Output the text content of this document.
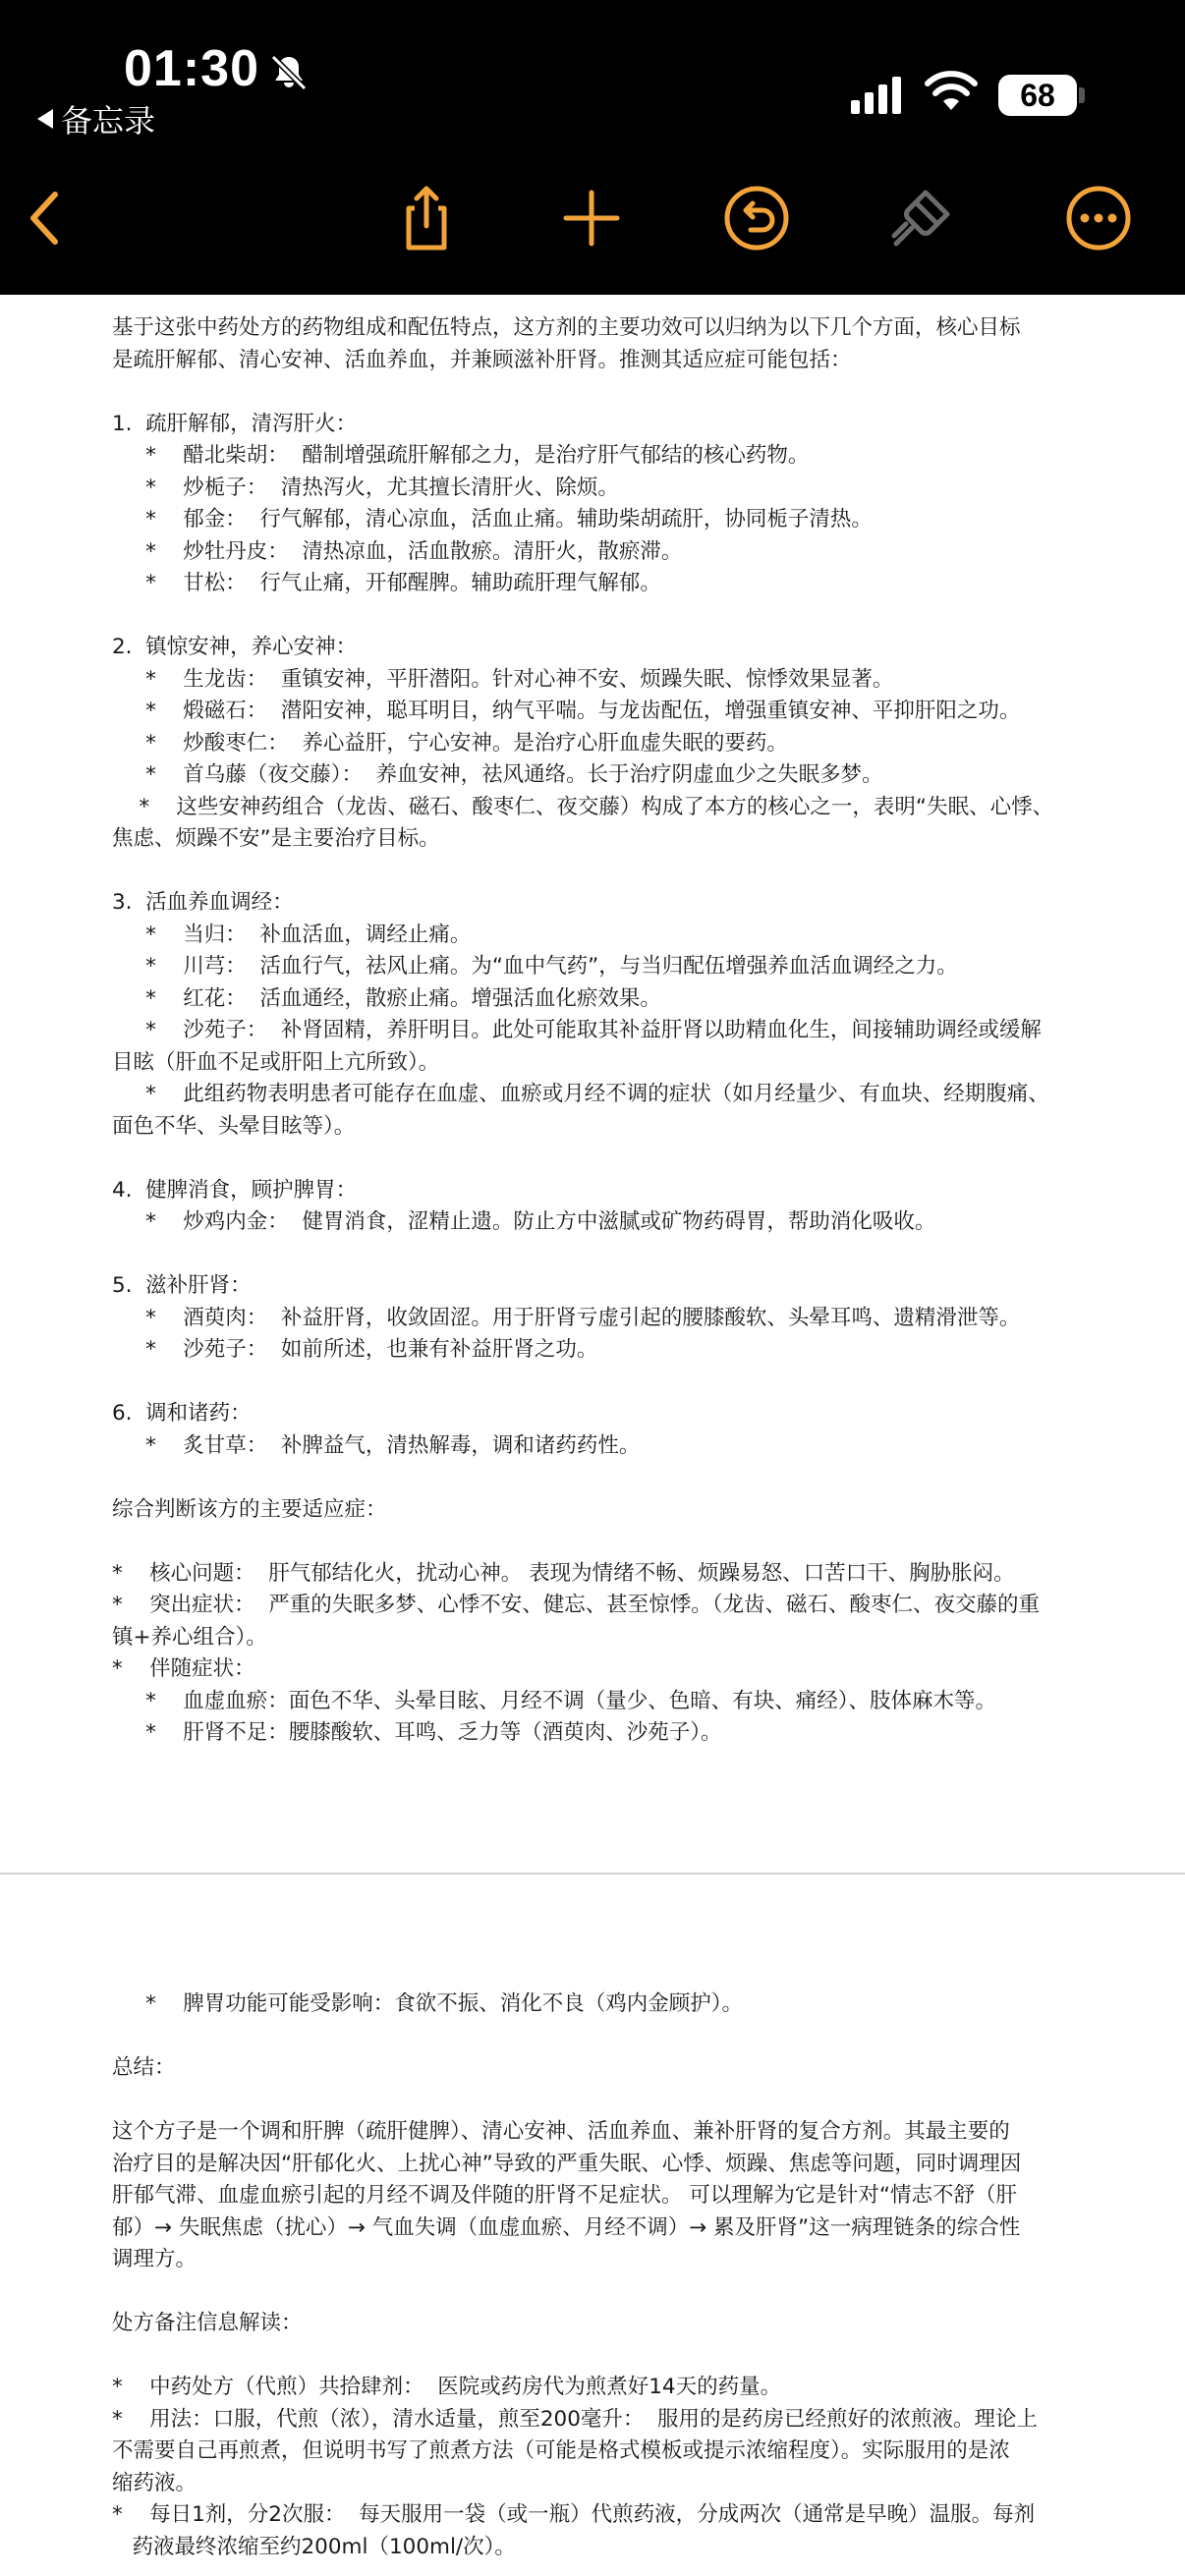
01:30
备忘录
68
基于这张中药处方的药物组成和配伍特点，这方剂的主要功效可以归纳为以下几个方面，核心目标
是疏肝解郁、清心安神、活血养血，并兼顾滋补肝肾。推测其适应症可能包括：
1.  疏肝解郁，清泻肝火：
*    醋北柴胡：  醋制增强疏肝解郁之力，是治疗肝气郁结的核心药物。
*    炒栀子：  清热泻火，尤其擅长清肝火、除烦。
*    郁金：  行气解郁，清心凉血，活血止痛。辅助柴胡疏肝，协同栀子清热。
*    炒牡丹皮：  清热凉血，活血散瘀。清肝火，散瘀滞。
*    甘松：  行气止痛，开郁醒脾。辅助疏肝理气解郁。
2.  镇惊安神，养心安神：
*    生龙齿：  重镇安神，平肝潜阳。针对心神不安、烦躁失眠、惊悸效果显著。
*    煅磁石：  潜阳安神，聪耳明目，纳气平喘。与龙齿配伍，增强重镇安神、平抑肝阳之功。
*    炒酸枣仁：  养心益肝，宁心安神。是治疗心肝血虚失眠的要药。
*    首乌藤（夜交藤）：  养血安神，祛风通络。长于治疗阴虚血少之失眠多梦。
*    这些安神药组合（龙齿、磁石、酸枣仁、夜交藤）构成了本方的核心之一，表明“失眠、心悸、
焦虑、烦躁不安”是主要治疗目标。
3.  活血养血调经：
*    当归：  补血活血，调经止痛。
*    川芎：  活血行气，祛风止痛。为“血中气药”，与当归配伍增强养血活血调经之力。
*    红花：  活血通经，散瘀止痛。增强活血化瘀效果。
*    沙苑子：  补肾固精，养肝明目。此处可能取其补益肝肾以助精血化生，间接辅助调经或缓解
目眩（肝血不足或肝阳上亢所致）。
*    此组药物表明患者可能存在血虚、血瘀或月经不调的症状（如月经量少、有血块、经期腹痛、
面色不华、头晕目眩等）。
4.  健脾消食，顾护脾胃：
*    炒鸡内金：  健胃消食，涩精止遗。防止方中滋腻或矿物药碍胃，帮助消化吸收。
5.  滋补肝肾：
*    酒萸肉：  补益肝肾，收敛固涩。用于肝肾亏虚引起的腰膝酸软、头晕耳鸣、遗精滑泄等。
*    沙苑子：  如前所述，也兼有补益肝肾之功。
6.  调和诸药：
*    炙甘草：  补脾益气，清热解毒，调和诸药药性。
综合判断该方的主要适应症：
*    核心问题：  肝气郁结化火，扰动心神。 表现为情绪不畅、烦躁易怒、口苦口干、胸胁胀闷。
*    突出症状：  严重的失眠多梦、心悸不安、健忘、甚至惊悸。（龙齿、磁石、酸枣仁、夜交藤的重
镇+养心组合）。
*    伴随症状：
*    血虚血瘀：面色不华、头晕目眩、月经不调（量少、色暗、有块、痛经）、肢体麻木等。
*    肝肾不足：腰膝酸软、耳鸣、乏力等（酒萸肉、沙苑子）。
*    脾胃功能可能受影响：食欲不振、消化不良（鸡内金顾护）。
总结：
这个方子是一个调和肝脾（疏肝健脾）、清心安神、活血养血、兼补肝肾的复合方剂。其最主要的
治疗目的是解决因“肝郁化火、上扰心神”导致的严重失眠、心悸、烦躁、焦虑等问题，同时调理因
肝郁气滞、血虚血瘀引起的月经不调及伴随的肝肾不足症状。 可以理解为它是针对“情志不舒（肝
郁）→ 失眠焦虑（扰心）→ 气血失调（血虚血瘀、月经不调）→ 累及肝肾”这一病理链条的综合性
调理方。
处方备注信息解读：
*    中药处方（代煎）共拾肆剂：  医院或药房代为煎煮好14天的药量。
*    用法：口服，代煎（浓），清水适量，煎至200毫升：  服用的是药房已经煎好的浓煎液。理论上
不需要自己再煎煮，但说明书写了煎煮方法（可能是格式模板或提示浓缩程度）。实际服用的是浓
缩药液。
*    每日1剂，分2次服：  每天服用一袋（或一瓶）代煎药液，分成两次（通常是早晚）温服。每剂
药液最终浓缩至约200ml（100ml/次）。
